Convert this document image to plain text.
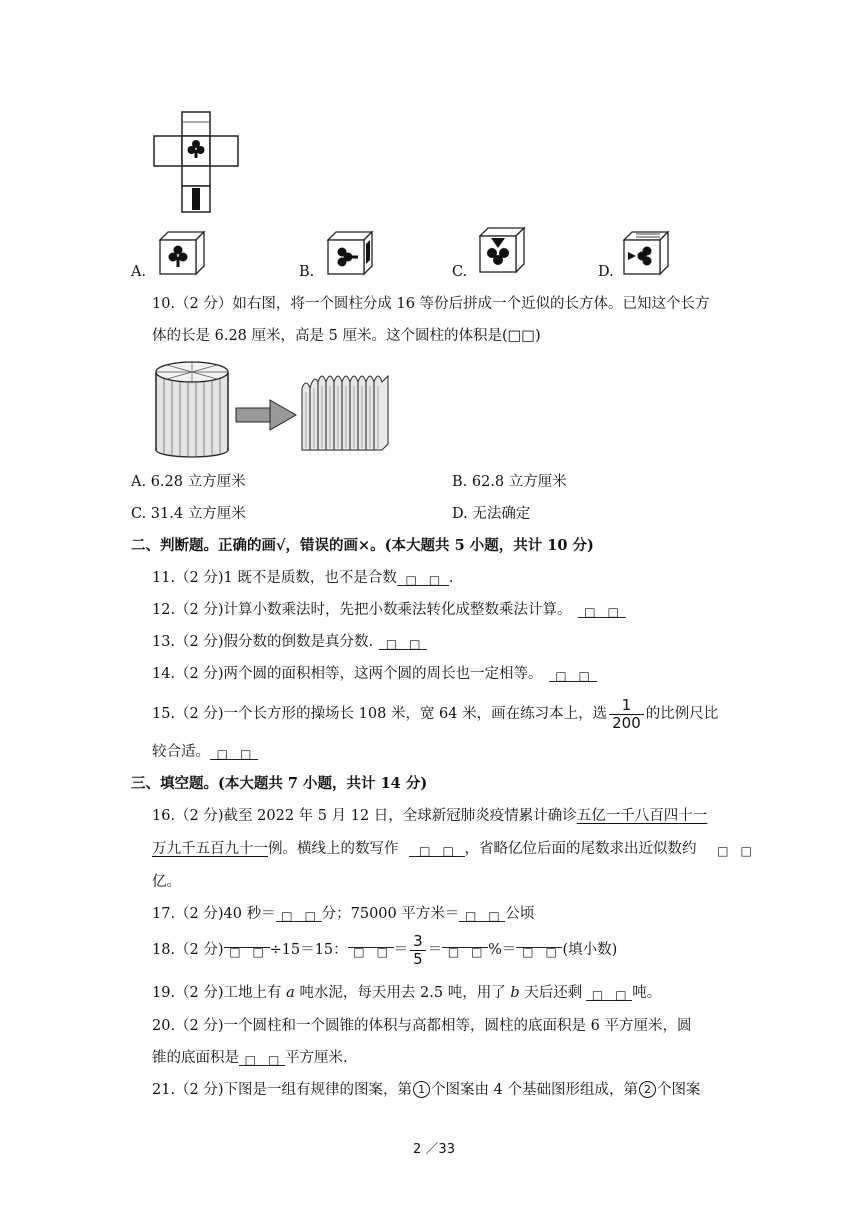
A.	B.	C.	D.
10.（2 分）如右图，将一个圆柱分成 16 等份后拼成一个近似的长方体。已知这个长方
体的长是 6.28 厘米，高是 5 厘米。这个圆柱的体积是(□□)
A. 6.28 立方厘米	B. 62.8 立方厘米
C. 31.4 立方厘米	D. 无法确定
二、判断题。正确的画√，错误的画×。(本大题共 5 小题，共计 10 分)
11.（2 分)1 既不是质数，也不是合数 □　□ .
12.（2 分)计算小数乘法时，先把小数乘法转化成整数乘法计算。 □　□
13.（2 分)假分数的倒数是真分数. □　□
14.（2 分)两个圆的面积相等，这两个圆的周长也一定相等。 □　□
15.（2 分)一个长方形的操场长 108 米，宽 64 米，画在练习本上，选 $\frac{1}{200}$ 的比例尺比
较合适。 □　□
三、填空题。(本大题共 7 小题，共计 14 分)
16.（2 分)截至 2022 年 5 月 12 日，全球新冠肺炎疫情累计确诊五亿一千八百四十一
万九千五百九十一例。横线上的数写作 □　□ ，省略亿位后面的尾数求出近似数约 □　□
亿。
17.（2 分)40 秒＝ □　□ 分；75000 平方米＝ □　□ 公顷
18.（2 分) □　□ ÷15＝15： □　□ ＝ $\frac{3}{5}$ ＝ □　□ %＝ □　□ (填小数)
19.（2 分)工地上有 a 吨水泥，每天用去 2.5 吨，用了 b 天后还剩 □　□ 吨。
20.（2 分)一个圆柱和一个圆锥的体积与高都相等，圆柱的底面积是 6 平方厘米，圆
锥的底面积是 □　□ 平方厘米.
21.（2 分)下图是一组有规律的图案，第 1 个图案由 4 个基础图形组成，第 2 个图案
2 ／33
